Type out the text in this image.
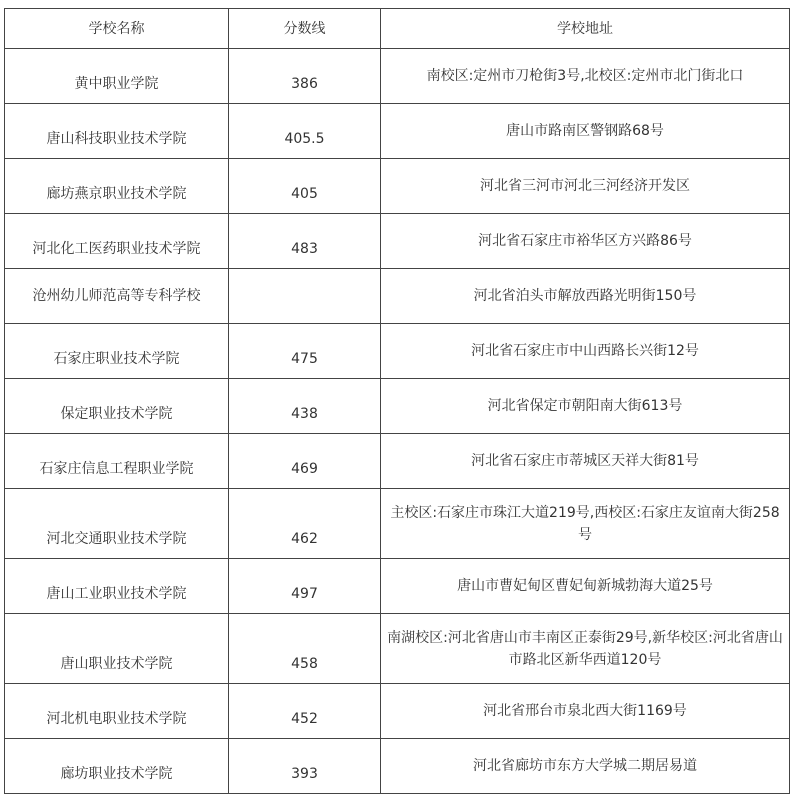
学校名称	分数线	学校地址
黄中职业学院	386	南校区:定州市刀枪街3号,北校区:定州市北门街北口
唐山科技职业技术学院	405.5	唐山市路南区警钢路68号
廊坊燕京职业技术学院	405	河北省三河市河北三河经济开发区
河北化工医药职业技术学院	483	河北省石家庄市裕华区方兴路86号
沧州幼儿师范高等专科学校		河北省泊头市解放西路光明街150号
石家庄职业技术学院	475	河北省石家庄市中山西路长兴街12号
保定职业技术学院	438	河北省保定市朝阳南大街613号
石家庄信息工程职业学院	469	河北省石家庄市蒂城区天祥大街81号
河北交通职业技术学院	462	主校区:石家庄市珠江大道219号,西校区:石家庄友谊南大街258号
唐山工业职业技术学院	497	唐山市曹妃甸区曹妃甸新城勃海大道25号
唐山职业技术学院	458	南湖校区:河北省唐山市丰南区正泰街29号,新华校区:河北省唐山市路北区新华西道120号
河北机电职业技术学院	452	河北省邢台市泉北西大街1169号
廊坊职业技术学院	393	河北省廊坊市东方大学城二期居易道
